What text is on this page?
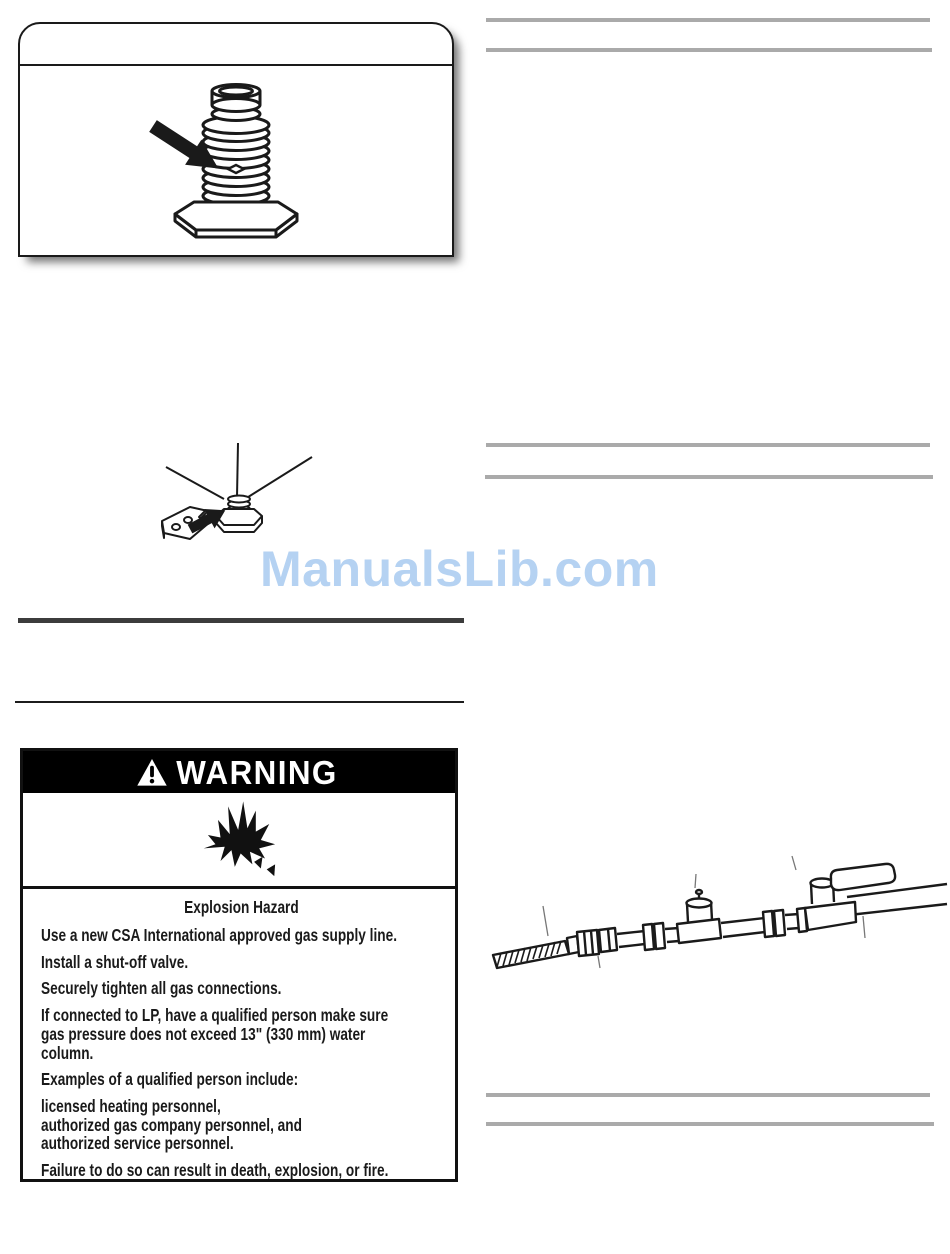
ManualsLib.com
WARNING
Explosion Hazard
Use a new CSA International approved gas supply line.
Install a shut-off valve.
Securely tighten all gas connections.
If connected to LP, have a qualified person make sure
gas pressure does not exceed 13" (330 mm) water
column.
Examples of a qualified person include:
licensed heating personnel,
authorized gas company personnel, and
authorized service personnel.
Failure to do so can result in death, explosion, or fire.
